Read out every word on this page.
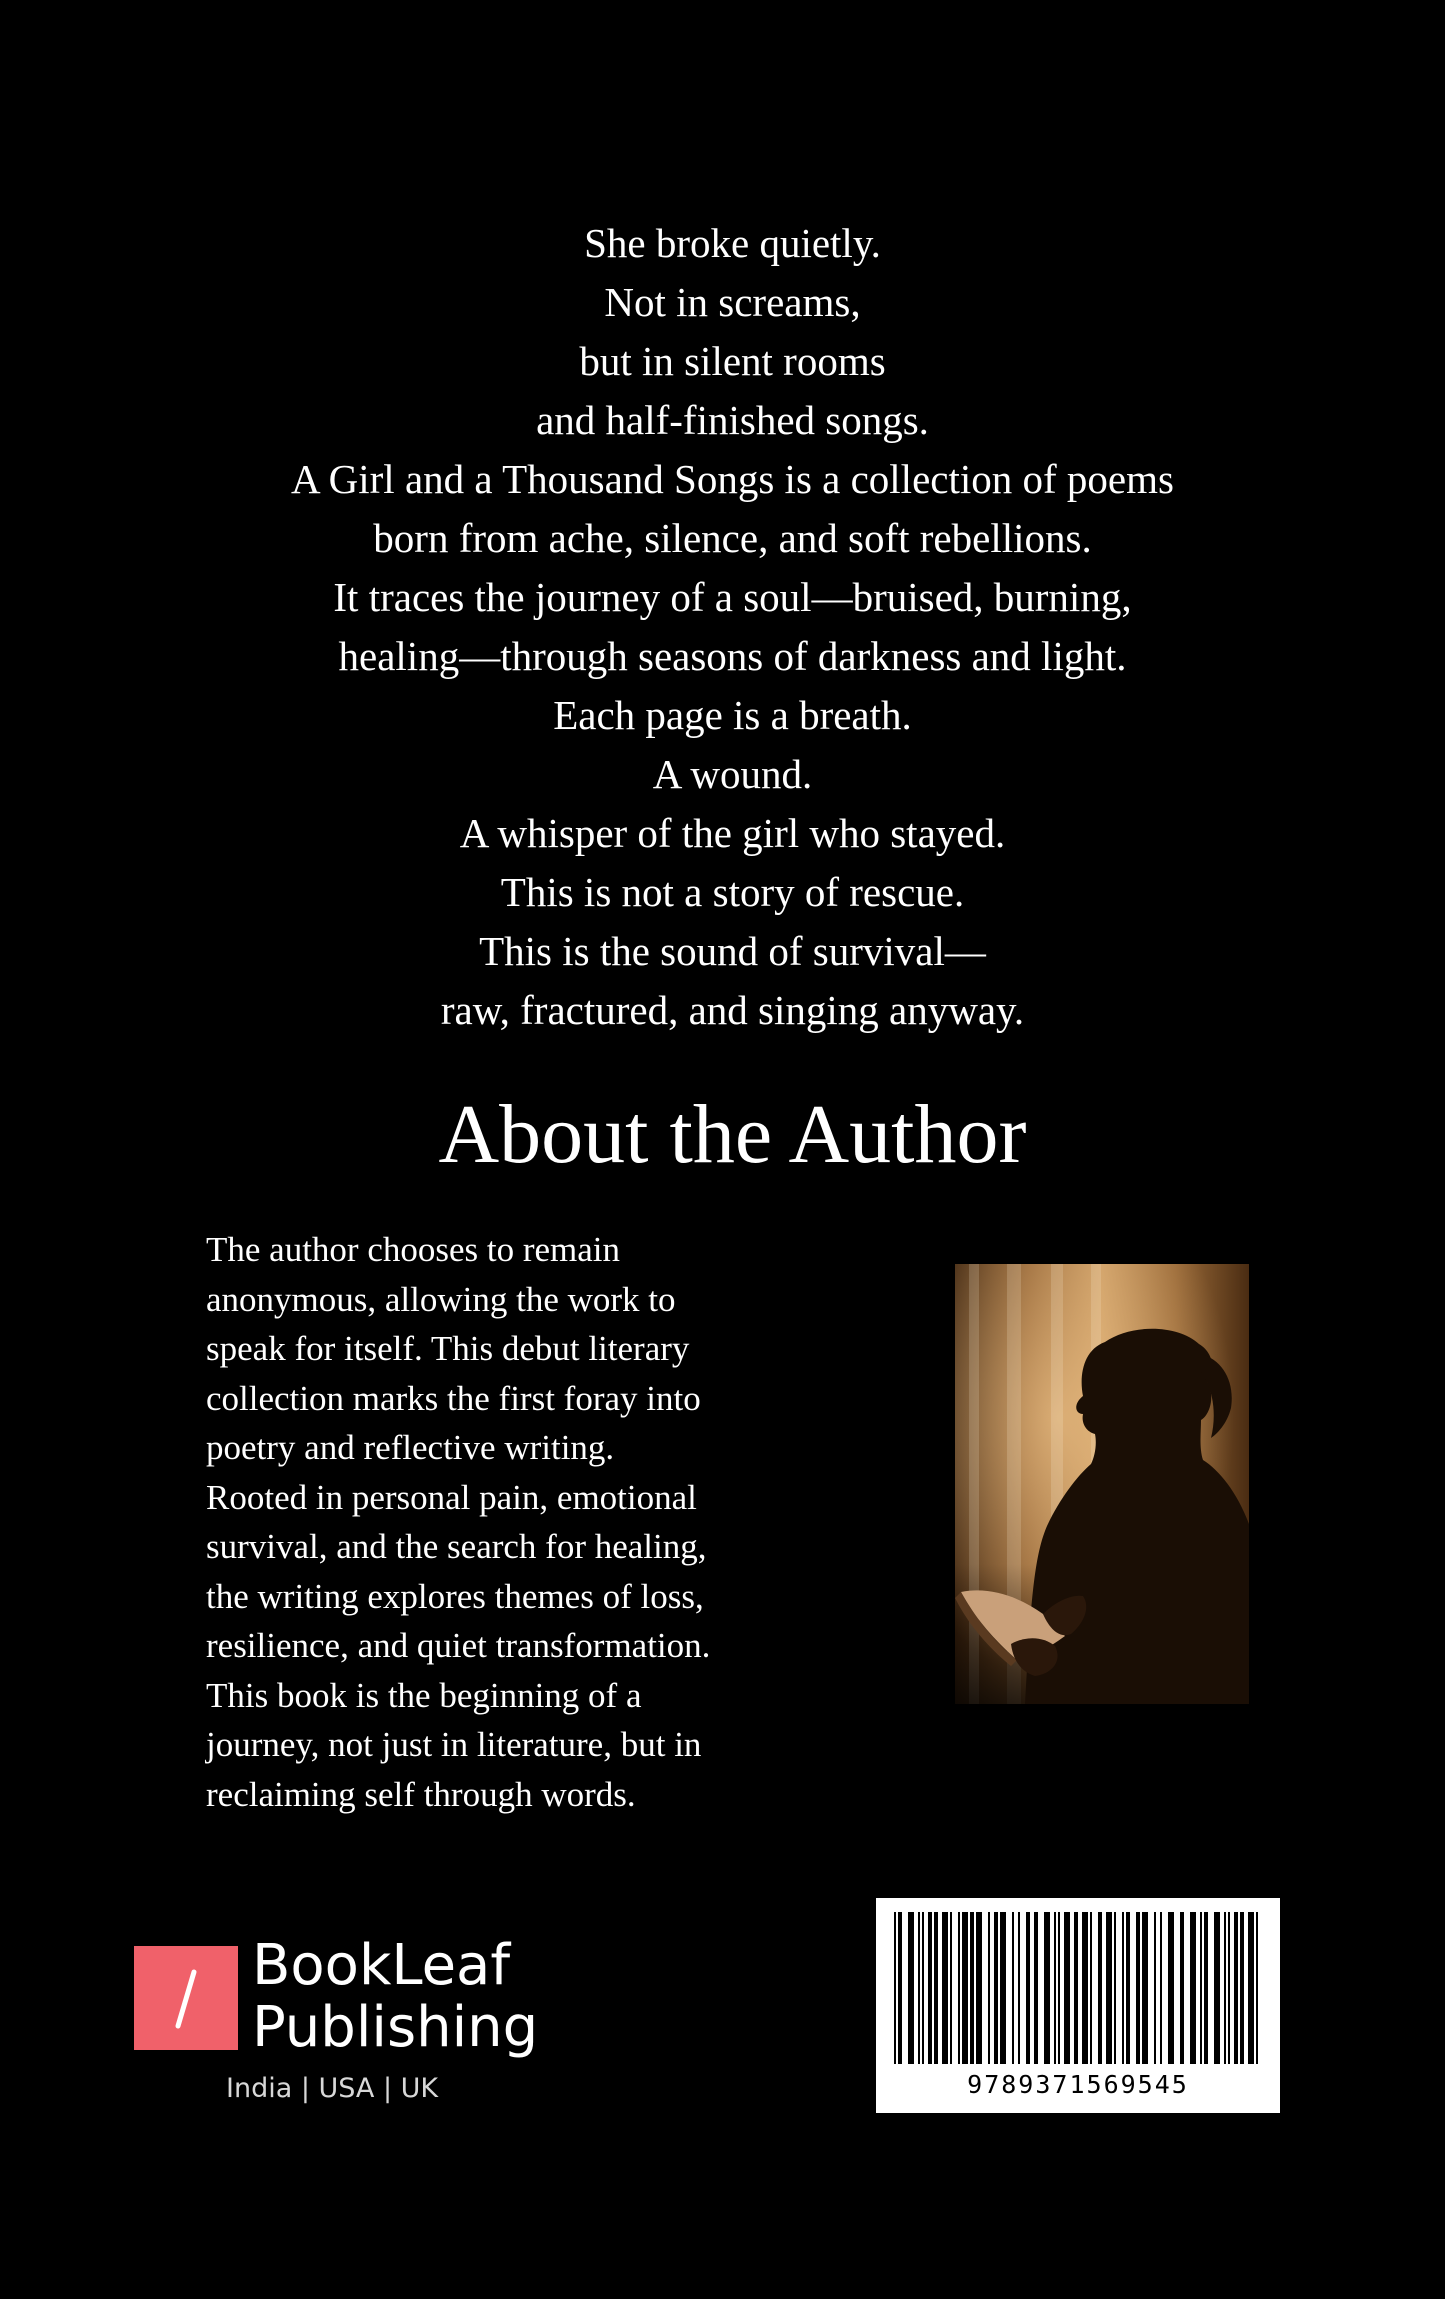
She broke quietly.
Not in screams,
but in silent rooms
and half-finished songs.
A Girl and a Thousand Songs is a collection of poems
born from ache, silence, and soft rebellions.
It traces the journey of a soul—bruised, burning,
healing—through seasons of darkness and light.
Each page is a breath.
A wound.
A whisper of the girl who stayed.
This is not a story of rescue.
This is the sound of survival—
raw, fractured, and singing anyway.
About the Author
The author chooses to remain
anonymous, allowing the work to
speak for itself. This debut literary
collection marks the first foray into
poetry and reflective writing.
Rooted in personal pain, emotional
survival, and the search for healing,
the writing explores themes of loss,
resilience, and quiet transformation.
This book is the beginning of a
journey, not just in literature, but in
reclaiming self through words.
BookLeaf
Publishing
India | USA | UK	9789371569545
